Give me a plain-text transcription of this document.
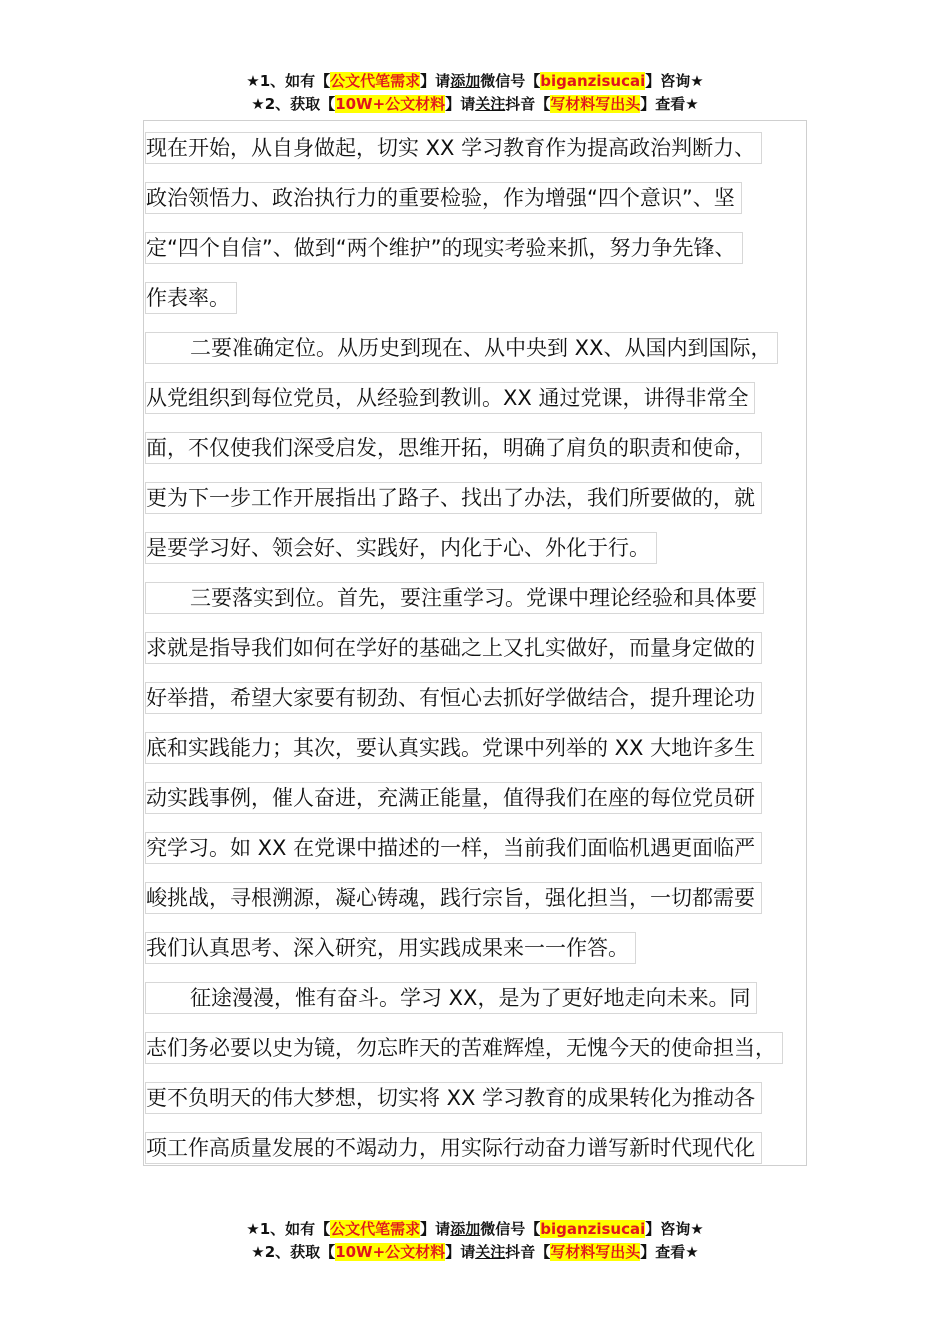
★1、如有【公文代笔需求】请添加微信号【biganzisucai】咨询★
★2、获取【10W+公文材料】请关注抖音【写材料写出头】查看★
现在开始，从自身做起，切实 XX 学习教育作为提高政治判断力、
政治领悟力、政治执行力的重要检验，作为增强“四个意识”、坚
定“四个自信”、做到“两个维护”的现实考验来抓，努力争先锋、
作表率。
二要准确定位。从历史到现在、从中央到 XX、从国内到国际，
从党组织到每位党员，从经验到教训。XX 通过党课，讲得非常全
面，不仅使我们深受启发，思维开拓，明确了肩负的职责和使命，
更为下一步工作开展指出了路子、找出了办法，我们所要做的，就
是要学习好、领会好、实践好，内化于心、外化于行。
三要落实到位。首先，要注重学习。党课中理论经验和具体要
求就是指导我们如何在学好的基础之上又扎实做好，而量身定做的
好举措，希望大家要有韧劲、有恒心去抓好学做结合，提升理论功
底和实践能力；其次，要认真实践。党课中列举的 XX 大地许多生
动实践事例，催人奋进，充满正能量，值得我们在座的每位党员研
究学习。如 XX 在党课中描述的一样，当前我们面临机遇更面临严
峻挑战，寻根溯源，凝心铸魂，践行宗旨，强化担当，一切都需要
我们认真思考、深入研究，用实践成果来一一作答。
征途漫漫，惟有奋斗。学习 XX，是为了更好地走向未来。同
志们务必要以史为镜，勿忘昨天的苦难辉煌，无愧今天的使命担当，
更不负明天的伟大梦想，切实将 XX 学习教育的成果转化为推动各
项工作高质量发展的不竭动力，用实际行动奋力谱写新时代现代化
★1、如有【公文代笔需求】请添加微信号【biganzisucai】咨询★
★2、获取【10W+公文材料】请关注抖音【写材料写出头】查看★
